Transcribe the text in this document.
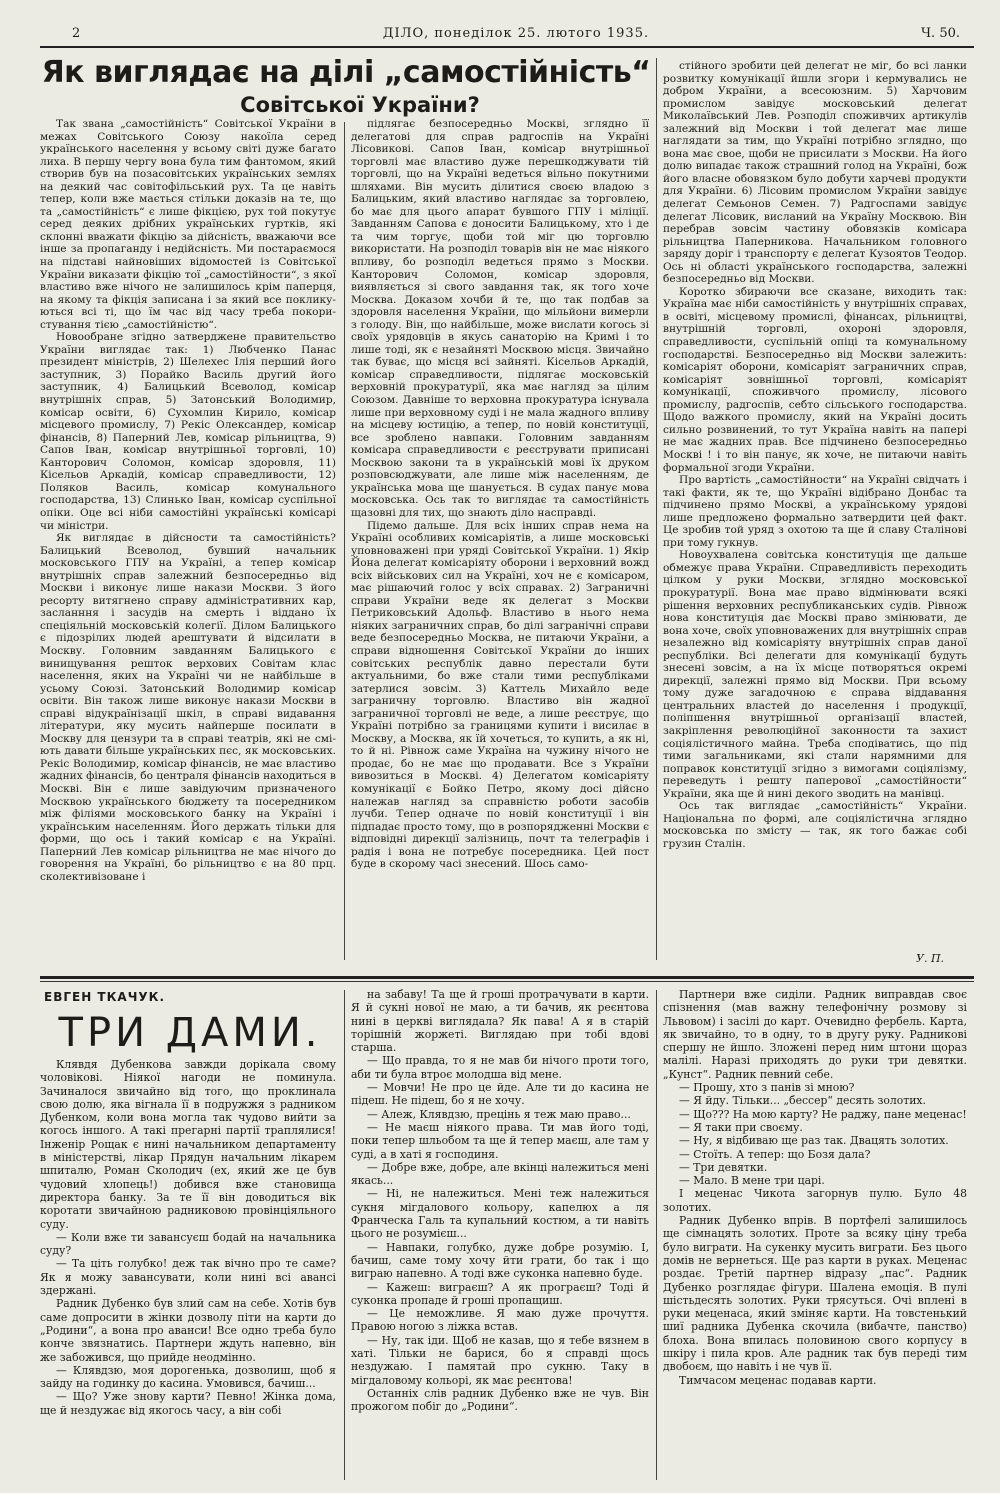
2	ДІЛО, понеділок 25. лютого 1935.	Ч. 50.
Як виглядає на ділі „самостійність“
Совітської України?

Так звана „самостійність“ Совітської України в межах Совітського Союзу накоїла серед українського населення у всьому світі дуже багато лиха. В першу чергу вона була тим фантомом, який створив був на позасовітських українських землях на деякий час совітофільський рух. Та це навіть тепер, коли вже мається стільки доказів на те, що та „самостійність“ є лише фікцією, рух той покутує серед деяких дрібних українських гуртків, які склонні вважати фікцію за дійсність, вважаючи все інше за пропаганду і недійсність. Ми постараємося на підставі найновіших відомостей із Совітської України виказати фікцію тої „самостійности“, з якої властиво вже нічого не залишилось крім паперця, на якому та фікція записана і за який все покликуються всі ті, що їм час від часу треба покористування тією „самостійністю“.

Новообране згідно затверджене правительство України виглядає так: 1) Любченко Панас президент міністрів, 2) Шелехес Ілія перший його заступник, 3) Порайко Василь другий його заступник, 4) Балицький Всеволод, комісар внутрішніх справ, 5) Затонський Володимир, комісар освіти, 6) Сухомлин Кирило, комісар місцевого промислу, 7) Рекіс Олександер, комісар фінансів, 8) Паперний Лев, комісар рільництва, 9) Сапов Іван, комісар внутрішньої торговлі, 10) Канторович Соломон, комісар здоровля, 11) Кісельов Аркадій, комісар справедливости, 12) Поляков Василь, комісар комунального господарства, 13) Слинько Іван, комісар суспільної опіки. Оце всі ніби самостійні українські комісарі чи міністри.

Як виглядає в дійсности та самостійність? Балицький Всеволод, бувший начальник московського ГПУ на Україні, а тепер комісар внутрішніх справ залежний безпосередньо від Москви і виконує лише накази Москви. З його ресорту витягнено справу адміністративних кар, засланння і засудів на смерть і віддано їх спеціяльній московській колегії. Ділом Балицького є підозрілих людей арештувати й відсилати в Москву. Головним завданням Балицького є винищування решток верхових Совітам клас населення, яких на Україні чи не найбільше в усьому Союзі. Затонський Володимир комісар освіти. Він також лише виконує накази Москви в справі відукраїнізації шкіл, в справі видавання літератури, яку мусить найперше посилати в Москву для цензури та в справі театрів, які не сміють давати більше українських пєс, як московських. Рекіс Володимир, комісар фінансів, не має властиво жадних фінансів, бо централя фінансів находиться в Москві. Він є лише завідуючим призначеного Москвою українського бюджету та посередником між філіями московського банку на Україні і українським населенням. Його держать тільки для форми, що ось і такий комісар є на Україні. Паперний Лев комісар рільництва не має нічого до говорення на Україні, бо рільництво є на 80 прц. сколективізоване і

підлягає безпосередньо Москві, зглядно її делегатові для справ радгоспів на Україні Лісовикові. Сапов Іван, комісар внутрішньої торговлі має властиво дуже перешкоджувати тій торговлі, що на Україні ведеться вільно покутними шляхами. Він мусить ділитися своєю владою з Балицьким, який властиво наглядає за торговлею, бо має для цього апарат бувшого ГПУ і міліції. Завданням Сапова є доносити Балицькому, хто і де та чим торгує, щоби той міг цю торговлю використати. На розподіл товарів він не має ніякого впливу, бо розподіл ведеться прямо з Москви. Канторович Соломон, комісар здоровля, виявляється зі свого завдання так, як того хоче Москва. Доказом хочби й те, що так подбав за здоровля населення України, що мільйони вимерли з голоду. Він, що найбільше, може вислати когось зі своїх урядовців в якусь санаторію на Кримі і то лише тоді, як є незайняті Москвою місця. Звичайно так буває, що місця всі зайняті. Кісельов Аркадій, комісар справедливости, підлягає московській верховній прокуратурії, яка має нагляд за цілим Союзом. Давніше то верховна прокуратура існувала лише при верховному суді і не мала жадного впливу на місцеву юстицію, а тепер, по новій конституції, все зроблено навпаки. Головним завданням комісара справедливости є реєструвати приписані Москвою закони та в українській мові їх друком розповсюджувати, але лише між населенням, де українська мова ще шанується. В судах панує мова московська. Ось так то виглядає та самостійність щазовні для тих, що знають діло насправді.

Підемо дальше. Для всіх інших справ нема на Україні особливих комісаріятів, а лише московські уповноважені при уряді Совітської України. 1) Якір Йона делегат комісаріяту оборони і верховний вожд всіх військових сил на Україні, хоч не є комісаром, має рішаючий голос у всіх справах. 2) Заграничні справи України веде як делегат з Москви Петриковський Адольф. Властиво в нього нема ніяких заграничних справ, бо ділі загранічні справи веде безпосередньо Москва, не питаючи України, а справи відношення Совітської України до інших совітських республік давно перестали бути актуальними, бо вже стали тими республіками затерлися зовсім. 3) Каттель Михайло веде заграничну торговлю. Властиво він жадної заграничної торговлі не веде, а лише реєструє, що Україні потрібно за границями купити і висилає в Москву, а Москва, як їй хочеться, то купить, а як ні, то й ні. Рівнож саме Україна на чужину нічого не продає, бо не має що продавати. Все з України вивозиться в Москві. 4) Делегатом комісаріяту комунікації є Бойко Петро, якому досі дійсно належав нагляд за справністю роботи засобів лучби. Тепер одначе по новій конституції і він підпадає просто тому, що в розпорядженні Москви є відповідні дирекції залізниць, почт та телеграфів і радія і вона не потребує посередника. Цей пост буде в скорому часі знесений. Шось само-

стійного зробити цей делегат не міг, бо всі ланки розвитку комунікації йшли згори і кермувались не добром України, а всесоюзним. 5) Харчовим промислом завідує московський делегат Миколаївський Лев. Розподіл споживчих артикулів залежний від Москви і той делегат має лише наглядати за тим, що Україні потрібно зглядно, що вона має свое, щоби не присилати з Москви. На його долю випадає також страшний голод на Україні, бож його власне обовязком було добути харчеві продукти для України. 6) Лісовим промислом України завідує делегат Семьонов Семен. 7) Радгоспами завідує делегат Лісовик, висланий на Україну Москвою. Він перебрав зовсім частину обовязків комісара рільництва Паперникова. Начальником головного заряду доріг і транспорту є делегат Кузоятов Теодор. Ось ні області українського господарства, залежні безпосередньо від Москви.

Коротко збираючи все сказане, виходить так: Україна має ніби самостійність у внутрішніх справах, в освіті, місцевому промислі, фінансах, рільництві, внутрішній торговлі, охороні здоровля, справедливости, суспільній опіці та комунальному господарстві. Безпосередньо від Москви залежить: комісаріят оборони, комісаріят заграничних справ, комісаріят зовнішньої торговлі, комісаріят комунікації, споживчого промислу, лісового промислу, радгоспів, себто сільського господарства. Щодо важкого промислу, який на Україні досить сильно розвинений, то тут Україна навіть на папері не має жадних прав. Все підчинено безпосередньо Москві ! і то він панує, як хоче, не питаючи навіть формальної згоди України.

Про вартість „самостійности“ на Україні свідчать і такі факти, як те, що Україні відібрано Донбас та підчинено прямо Москві, а українському урядові лише предложено формально затвердити цей факт. Це зробив той уряд з охотою та ще й славу Сталінові при тому гукнув.

Новоухвалена совітська конституція ще дальше обмежує права України. Справедливість переходить цілком у руки Москви, зглядно московської прокуратурії. Вона має право відмінювати всякі рішення верховних республиканських судів. Рівнож нова конституція дає Москві право змінювати, де вона хоче, своїх уповноважених для внутрішніх справ незалежно від комісаріяту внутрішніх справ даної республіки. Всі делегати для комунікації будуть знесені зовсім, а на їх місце потворяться окремі дирекції, залежні прямо від Москви. При всьому тому дуже загадочною є справа віддавання центральних властей до населення і продукції, поліпшення внутрішньої організації властей, закріплення революційної законности та захист соціялістичного майна. Треба сподіватись, що під тими загальниками, які стали нарямними для поправок конституції згідно з вимогами соціялізму, переведуть і решту паперової „самостійности“ України, яка ще й нині декого зводить на манівці.

Ось так виглядає „самостійність“ України. Національна по формі, але соціялістична зглядно московська по змісту — так, як того бажає собі грузин Сталін.

У. П.
ЕВГЕН ТКАЧУК.
ТРИ ДАМИ.

Клявдя Дубенкова завжди дорікала свому чоловікові. Ніякої нагоди не поминула. Зачиналося звичайно від того, що проклинала свою долю, яка вігнала її в подружжя з радником Дубенком, коли вона могла так чудово вийти за когось іншого. А такі прегарні партії траплялися! Інженір Рощак є нині начальником департаменту в міністерстві, лікар Прядун начальним лікарем шпиталю, Роман Сколодич (ех, який же це був чудовий хлопець!) добився вже становища директора банку. За те її він доводиться вік коротати звичайною радниковою провінціяльного суду.

— Коли вже ти завансуєш бодай на начальника суду?

— Та ціть голубко! деж так вічно про те саме? Як я можу завансувати, коли нині всі авансі здержані.

Радник Дубенко був злий сам на себе. Хотів був саме допросити в жінки дозволу піти на карти до „Родини“, а вона про аванси! Все одно треба було конче звязнатись. Партнери ждуть напевно, він же забожився, що прийде неодмінно.

— Клявдзю, моя дорогенька, дозволиш, щоб я зайду на годинку до касина. Умовився, бачиш...

— Що? Уже знову карти? Певно! Жінка дома, ще й нездужає від якогось часу, а він собі

на забаву! Та ще й гроші протрачувати в карти. Я й сукні нової не маю, а ти бачив, як реєнтова нині в церкві виглядала? Як пава! А я в старій торішній жоржеті. Виглядаю при тобі вдові старша.

— Що правда, то я не мав би нічого проти того, аби ти була втроє молодша від мене.

— Мовчи! Не про це йде. Але ти до касина не підеш. Не підеш, бо я не хочу.

— Алеж, Клявдзю, прецінь я теж маю право...

— Не маєш ніякого права. Ти мав його тоді, поки тепер шльобом та ще й тепер маєш, але там у суді, а в хаті я господиня.

— Добре вже, добре, але вкінці належиться мені якась...

— Ні, не належиться. Мені теж належиться сукня мігдалового кольору, капелюх а ля Франческа Галь та купальний костюм, а ти навіть цього не розумієш...

— Навпаки, голубко, дуже добре розумію. І, бачиш, саме тому хочу йти грати, бо так і що виграю напевно. А тоді вже суконка напевно буде.

— Кажеш: виграєш? А як програєш? Тоді й суконка пропаде й гроші пропащиш.

— Це неможливе. Я маю дуже прочуття. Правою ногою з ліжка встав.

— Ну, так іди. Щоб не казав, що я тебе вязнем в хаті. Тільки не барися, бо я справді щось нездужаю. І памятай про сукню. Таку в мігдаловому кольорі, як має реєнтова!

Останніх слів радник Дубенко вже не чув. Він прожогом побіг до „Родини“.

Партнери вже сиділи. Радник виправдав своє спізнення (мав важну телефонічну розмову зі Львовом) і засілі до карт. Очевидно фербель. Карта, як звичайно, то в одну, то в другу руку. Радникові спершу не йшло. Зложені перед ним штони щораз малілі. Наразі приходять до руки три девятки. „Кунст“. Радник певний себе.

— Прошу, хто з панів зі мною?

— Я йду. Тільки... „бессер“ десять золотих.

— Що??? На мою карту? Не раджу, пане меценас!

— Я таки при своєму.

— Ну, я відбиваю ще раз так. Двацять золотих.

— Стоїть. А тепер: що Бозя дала?

— Три девятки.

— Мало. В мене три царі.

І меценас Чикота загорнув пулю. Було 48 золотих.

Радник Дубенко впрів. В портфелі залишилось ще сімнацять золотих. Проте за всяку ціну треба було виграти. На сукенку мусить виграти. Без цього домів не вернеться. Ще раз карти в руках. Меценас роздає. Третій партнер відразу „пас“. Радник Дубенко розглядає фігури. Шалена емоція. В пулі шістьдесять золотих. Руки трясуться. Очі вплені в руки меценаса, який зміняє карти. На товстенький шиї радника Дубенка скочила (вибачте, панство) блоха. Вона впилась половиною свого корпусу в шкіру і пила кров. Але радник так був переді тим двобоєм, що навіть і не чув її.

Тимчасом меценас подавав карти.
